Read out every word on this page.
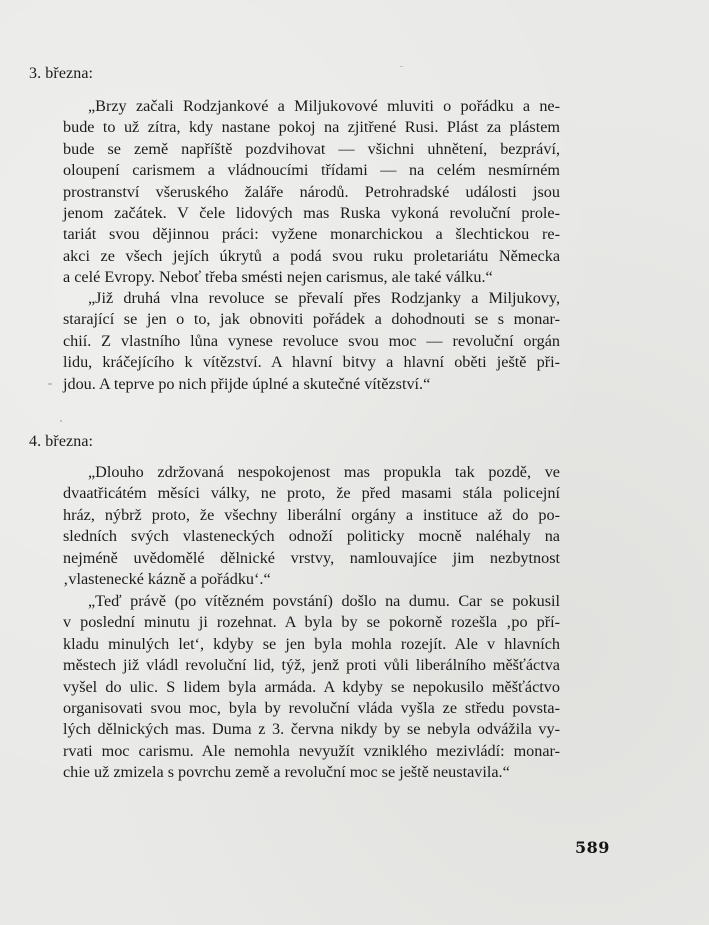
3. března:
„Brzy začali Rodzjankové a Miljukovové mluviti o pořádku a ne-
bude to už zítra, kdy nastane pokoj na zjitřené Rusi. Plást za plástem
bude se země napříště pozdvihovat — všichni uhnětení, bezpráví,
oloupení carismem a vládnoucími třídami — na celém nesmírném
prostranství všeruského žaláře národů. Petrohradské události jsou
jenom začátek. V čele lidových mas Ruska vykoná revoluční prole-
tariát svou dějinnou práci: vyžene monarchickou a šlechtickou re-
akci ze všech jejích úkrytů a podá svou ruku proletariátu Německa
a celé Evropy. Neboť třeba smésti nejen carismus, ale také válku.“
„Již druhá vlna revoluce se převalí přes Rodzjanky a Miljukovy,
starající se jen o to, jak obnoviti pořádek a dohodnouti se s monar-
chií. Z vlastního lůna vynese revoluce svou moc — revoluční orgán
lidu, kráčejícího k vítězství. A hlavní bitvy a hlavní oběti ještě při-
jdou. A teprve po nich přijde úplné a skutečné vítězství.“
4. března:
„Dlouho zdržovaná nespokojenost mas propukla tak pozdě, ve
dvaatřicátém měsíci války, ne proto, že před masami stála policejní
hráz, nýbrž proto, že všechny liberální orgány a instituce až do po-
sledních svých vlasteneckých odnoží politicky mocně naléhaly na
nejméně uvědomělé dělnické vrstvy, namlouvajíce jim nezbytnost
‚vlastenecké kázně a pořádku‘.“
„Teď právě (po vítězném povstání) došlo na dumu. Car se pokusil
v poslední minutu ji rozehnat. A byla by se pokorně rozešla ‚po pří-
kladu minulých let‘, kdyby se jen byla mohla rozejít. Ale v hlavních
městech již vládl revoluční lid, týž, jenž proti vůli liberálního měšťáctva
vyšel do ulic. S lidem byla armáda. A kdyby se nepokusilo měšťáctvo
organisovati svou moc, byla by revoluční vláda vyšla ze středu povsta-
lých dělnických mas. Duma z 3. června nikdy by se nebyla odvážila vy-
rvati moc carismu. Ale nemohla nevyužít vzniklého mezivládí: monar-
chie už zmizela s povrchu země a revoluční moc se ještě neustavila.“
589
